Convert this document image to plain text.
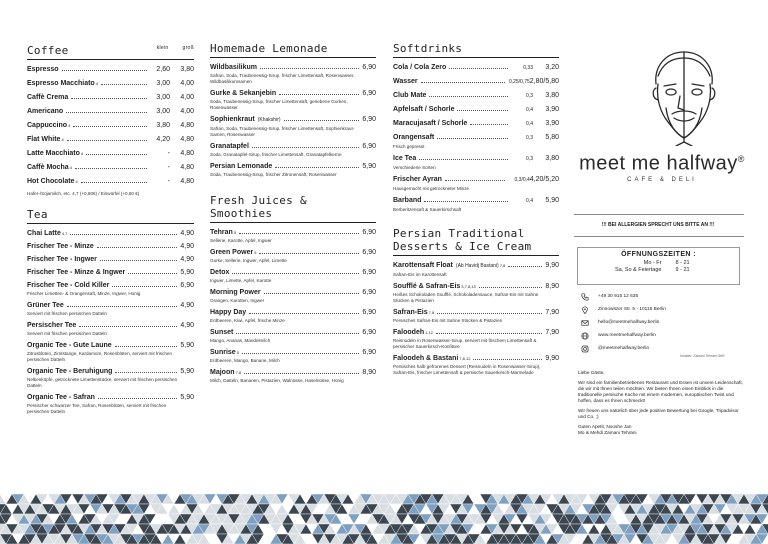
Coffee	klein	groß
Espresso	2,60	3,80
Espresso Macchiato 4	3,00	4,00
Caffè Crema	3,00	4,00
Americano	3,00	4,00
Cappuccino 4	3,80	4,80
Flat White 4	4,20	4,80
Latte Macchiato 4	-	4,80
Caffè Mocha 4	-	4,80
Hot Chocolate 4	-	4,80
Hafer-/Sojamilch, etc. 4,7 (+0,80€) / Eiswürfel (+0,50 €)
Tea
Chai Latte 4,7	4,90
Frischer Tee - Minze	4,90
Frischer Tee - Ingwer	4,90
Frischer Tee - Minze & Ingwer	5,90
Frischer Tee - Cold Killer	6,90
Frischer Limetten- & Orangensaft, Minze, Ingwer, Honig
Grüner Tee	4,90
Serviert mit frischen persischen Datteln
Persischer Tee	4,90
Serviert mit frischen persischen Datteln
Organic Tee - Gute Laune	5,90
Zitrusblüten, Zimtstange, Kardamom, Rosenblüten, serviert mit frischen persischen Datteln
Organic Tee - Beruhigung	5,90
Nelkenköpfe, getrocknete Limettenstücke, serviert mit frischen persischen Datteln
Organic Tee - Safran	5,90
Persischer schwarzer Tee, Safran, Rosenblüten, serviert mit frischen persischen Datteln
Homemade Lemonade
Wildbasilikum	6,90
Safran, Soda, Traubenessig-Sirup, frischer Limettensaft, Rosenwasser, Wildbasilikumsamen
Gurke & Sekanjebin	6,90
Soda, Traubenessig-Sirup, frischer Limettensaft, geriebene Gurken, Rosenwasser
Sophienkraut (Khakshir)	6,90
Safran, Soda, Traubenessig-Sirup, frischer Limettensaft, Sophienkraut-Samen, Rosenwasser
Granatapfel	6,90
Soda, Granatapfel-Sirup, frischer Limettensaft, Granatapfelkerne
Persian Lemonade	5,90
Soda, Traubenessig-Sirup, frischer Zitronensaft, Rosenwasser
Fresh Juices & Smoothies
Tehran 5	6,90
Sellerie, Karotte, Apfel, Ingwer
Green Power 5	6,90
Gurke, Sellerie, Ingwer, Apfel, Limette
Detox	6,90
Ingwer, Limette, Apfel, Karotte
Morning Power	6,90
Orangen, Karotten, Ingwer
Happy Day	6,90
Erdbeeren, Kiwi, Apfel, frische Minze
Sunset	6,90
Mango, Ananas, Mandelmilch
Sunrise 5	6,90
Erdbeeren, Mango, Banane, Milch
Majoon 7,8	8,90
Milch, Datteln, Bananen, Pistazien, Walnüsse, Haselnüsse, Honig
Softdrinks
Cola / Cola Zero	0,33	3,20
Wasser	0,25/0,75 2,80/5,80
Club Mate	0,3	3,80
Apfelsaft / Schorle	0,4	3,90
Maracujasaft / Schorle	0,4	3,90
Orangensaft	0,3	5,80
Frisch gepresst
Ice Tea	0,3	3,80
Verschiedene Sorten
Frischer Ayran	0,3/0,4 4,20/5,20
Hausgemacht mit getrockneter Minze
Barband	0,4	5,90
Berberitzensaft & Sauerkirschsaft
Persian Traditional
Desserts & Ice Cream
Karottensaft Float (Ab Havidj Bastani) 7,8	9,90
Safran-Eis im Karottensaft
Soufflé & Safran-Eis 3,7,8,13	8,90
Heißes Schokoladen Soufflé, Schokoladensauce, Safran-Eis mit Sahne Stücken & Pistazien
Safran-Eis 7,8	7,90
Persisches Safran-Eis mit Sahne Stücken & Pistazien
Faloodeh 1,12	7,90
Reisnudeln in Rosenwasser-Sirup, serviert mit frischem Limettensaft & persischer Sauerkirsch-Konfitüre
Faloodeh & Bastani 7,8,12	9,90
Persisches halb gefrorenes Dessert (Reisnudeln in Rosenwasser-Sirup), Safran-Eis, frischer Limettensaft & persische Sauerkirsch-Marmelade
meet me halfway®
CAFE & DELI
!!! BEI ALLERGIEN SPRECHT UNS BITTE AN !!!
ÖFFNUNGSZEITEN :
Mo - Fr	8 - 21
Sa, So & Feiertage	9 - 21
+49 30 915 12 635
Zinnowitzer Str. 5 - 10115 Berlin
hello@meetmehalfway.berlin
www.meetmehalfway.berlin
@meetmehalfway.berlin
Inhaber: Zamani Tehrani GbR

Liebe Gäste,

Wir sind ein familienbetriebenes Restaurant und Essen ist unsere Leidenschaft, die wir mit Ihnen teilen möchten. Wir bieten Ihnen einen Einblick in die traditionelle persische Küche mit einem modernen, europäischen Twist und hoffen, dass es Ihnen schmeckt!

Wir freuen uns natürlich über jede positive Bewertung bei Google, Tripadvisor und Co. ;)

Guten Apetit, Nooshe Jan

Mo & Mehdi Zamani Tehrani
